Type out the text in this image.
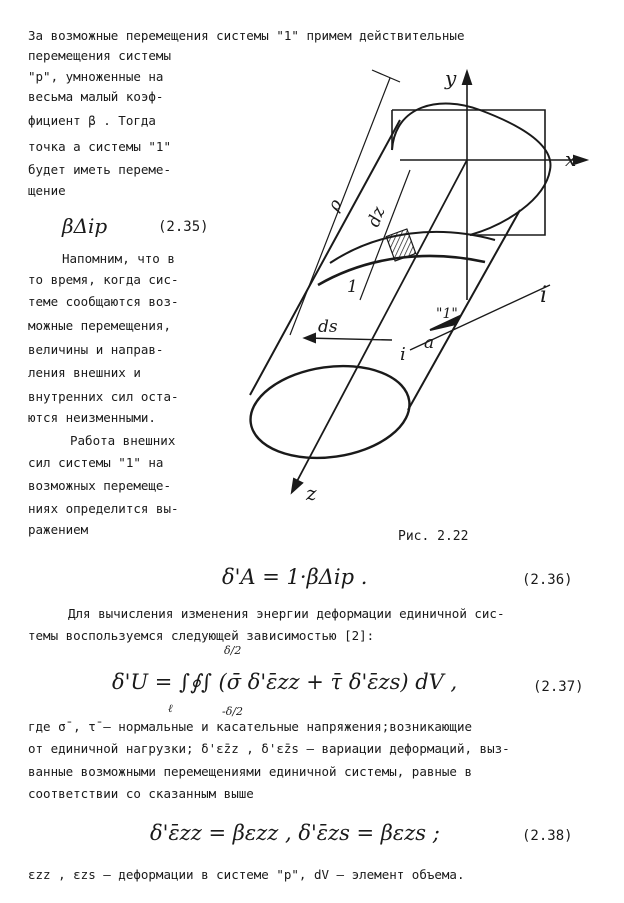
За возможные перемещения системы "1" примем действительные
перемещения системы
"p", умноженные на
весьма малый коэф-
фициент β . Тогда
точка a системы "1"
будет иметь переме-
щение
βΔip	(2.35)
Напомним, что в
то время, когда сис-
теме сообщаются воз-
можные перемещения,
величины и направ-
ления внешних и
внутренних сил оста-
ются неизменными.
Работа внешних
сил системы "1" на
возможных перемеще-
ниях определится вы-
ражением
y
x
z
i
i
a
1
"1"
ds
dz
ρ
Рис. 2.22
δ'A = 1·βΔip .	(2.36)
Для вычисления изменения энергии деформации единичной сис-
темы воспользуемся следующей зависимостью [2]:
δ/2
-δ/2
ℓ
δ'U = ∫∮∫ (σ̄ δ'ε̄zz + τ̄ δ'ε̄zs) dV ,	(2.37)
где σ̄ , τ̄ – нормальные и касательные напряжения;возникающие
от единичной нагрузки; δ'ε̄zz , δ'ε̄zs – вариации деформаций, выз-
ванные возможными перемещениями единичной системы, равные в
соответствии со сказанным выше
δ'ε̄zz = βεzz , δ'ε̄zs = βεzs ;	(2.38)
εzz , εzs – деформации в системе "p", dV – элемент объема.
